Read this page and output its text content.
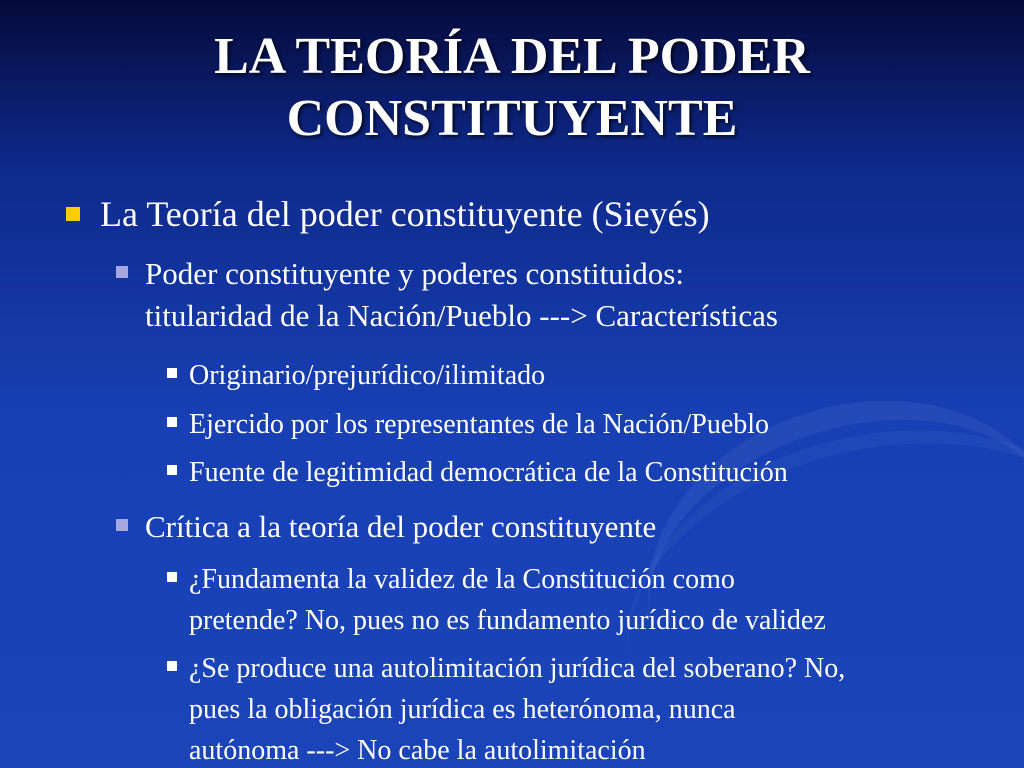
LA TEORÍA DEL PODER
CONSTITUYENTE
La Teoría del poder constituyente (Sieyés)
Poder constituyente y poderes constituidos:
titularidad de la Nación/Pueblo ---> Características
Originario/prejurídico/ilimitado
Ejercido por los representantes de la Nación/Pueblo
Fuente de legitimidad democrática de la Constitución
Crítica a la teoría del poder constituyente
¿Fundamenta la validez de la Constitución como
pretende? No, pues no es fundamento jurídico de validez
¿Se produce una autolimitación jurídica del soberano? No,
pues la obligación jurídica es heterónoma, nunca
autónoma ---> No cabe la autolimitación
